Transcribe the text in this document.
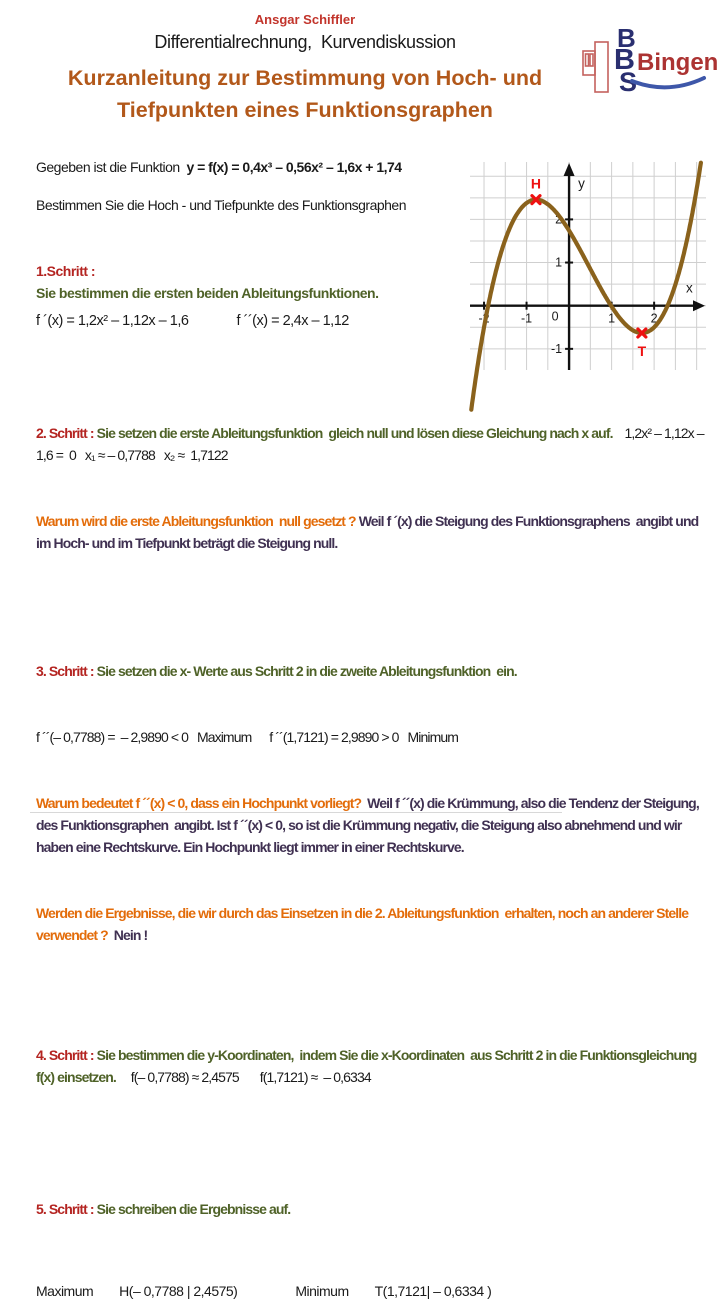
Ansgar Schiffler
Differentialrechnung,  Kurvendiskussion
Kurzanleitung zur Bestimmung von Hoch- und
Tiefpunkten eines Funktionsgraphen
B
B Bingen
S
y
x
-2	-1	1	2
-1
1
2
0
H
T

Gegeben ist die Funktion  y = f(x) = 0,4x³ – 0,56x² – 1,6x + 1,74

Bestimmen Sie die Hoch - und Tiefpunkte des Funktionsgraphen

1.Schritt :

Sie bestimmen die ersten beiden Ableitungsfunktionen.

f ´(x) = 1,2x² – 1,12x – 1,6	f ´´(x) = 2,4x – 1,12

2. Schritt : Sie setzen die erste Ableitungsfunktion  gleich null und lösen diese Gleichung nach x auf.    1,2x² – 1,12x – 1,6 =  0   x₁ ≈ – 0,7788   x₂ ≈  1,7122

Warum wird die erste Ableitungsfunktion  null gesetzt ? Weil f ´(x) die Steigung des Funktionsgraphens  angibt und im Hoch- und im Tiefpunkt beträgt die Steigung null.

3. Schritt : Sie setzen die x- Werte aus Schritt 2 in die zweite Ableitungsfunktion  ein.

f ´´(– 0,7788) =  – 2,9890 < 0   Maximum      f ´´(1,7121) = 2,9890 > 0   Minimum

Warum bedeutet f ´´(x) < 0, dass ein Hochpunkt vorliegt?  Weil f ´´(x) die Krümmung, also die Tendenz der Steigung, des Funktionsgraphen  angibt. Ist f ´´(x) < 0, so ist die Krümmung negativ, die Steigung also abnehmend und wir haben eine Rechtskurve. Ein Hochpunkt liegt immer in einer Rechtskurve.

Werden die Ergebnisse, die wir durch das Einsetzen in die 2. Ableitungsfunktion  erhalten, noch an anderer Stelle verwendet ?  Nein !

4. Schritt : Sie bestimmen die y-Koordinaten,  indem Sie die x-Koordinaten  aus Schritt 2 in die Funktionsgleichung  f(x) einsetzen.     f(– 0,7788) ≈ 2,4575       f(1,7121) ≈  – 0,6334

5. Schritt : Sie schreiben die Ergebnisse auf.

Maximum H(– 0,7788 | 2,4575)	Minimum T(1,7121| – 0,6334 )
